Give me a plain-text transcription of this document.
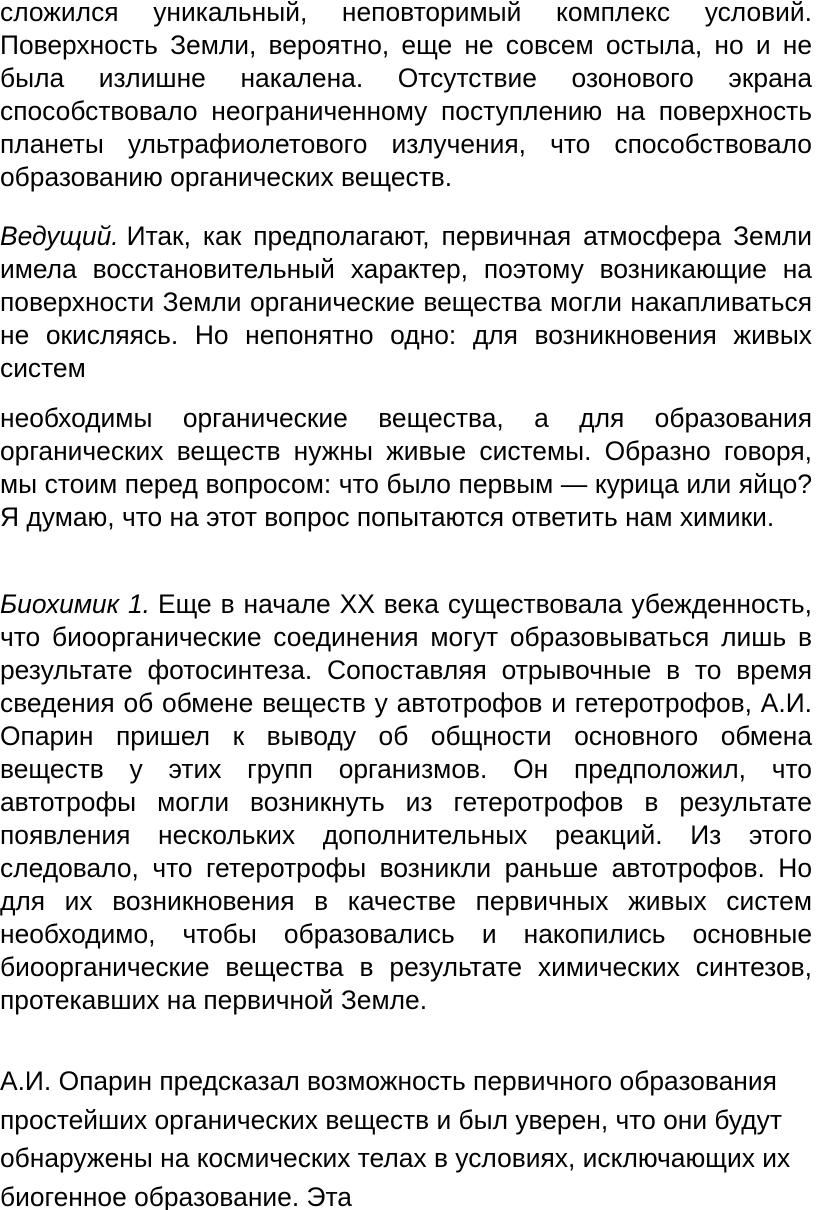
сложился уникальный, неповторимый комплекс условий. Поверхность Земли, вероятно, еще не совсем остыла, но и не была излишне накалена. Отсутствие озонового экрана способствовало неограниченному поступлению на поверхность планеты ультрафиолетового излучения, что способствовало образованию органических веществ.

Ведущий. Итак, как предполагают, первичная атмосфера Земли имела восстановительный характер, поэтому возникающие на поверхности Земли органические вещества могли накапливаться не окисляясь. Но непонятно одно: для возникновения живых систем

необходимы органические вещества, а для образования органических веществ нужны живые системы. Образно говоря, мы стоим перед вопросом: что было первым — курица или яйцо? Я думаю, что на этот вопрос попытаются ответить нам химики.

Биохимик 1. Еще в начале XX века существовала убежденность, что биоорганические соединения могут образовываться лишь в результате фотосинтеза. Сопоставляя отрывочные в то время сведения об обмене веществ у автотрофов и гетеротрофов, А.И. Опарин пришел к выводу об общности основного обмена веществ у этих групп организмов. Он предположил, что автотрофы могли возникнуть из гетеротрофов в результате появления нескольких дополнительных реакций. Из этого следовало, что гетеротрофы возникли раньше автотрофов. Но для их возникновения в качестве первичных живых систем необходимо, чтобы образовались и накопились основные биоорганические вещества в результате химических синтезов, протекавших на первичной Земле.

А.И. Опарин предсказал возможность первичного образования простейших органических веществ и был уверен, что они будут обнаружены на космических телах в условиях, исключающих их биогенное образование. Эта
